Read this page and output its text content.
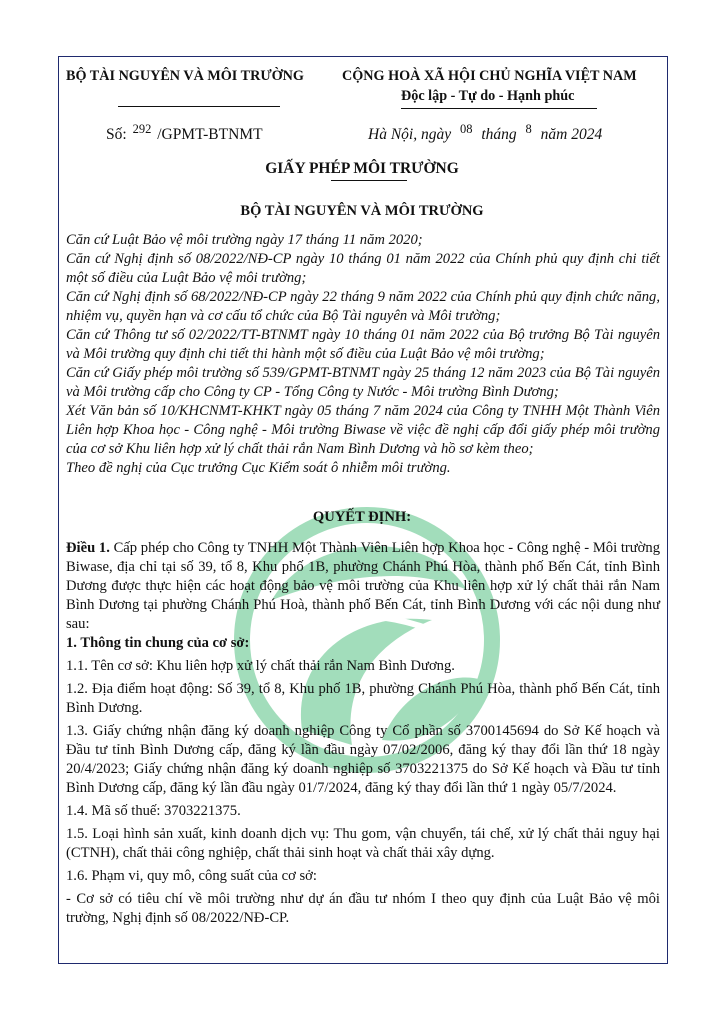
BỘ TÀI NGUYÊN VÀ MÔI TRƯỜNG	CỘNG HOÀ XÃ HỘI CHỦ NGHĨA VIỆT NAM
Độc lập - Tự do - Hạnh phúc
Số: $^{292}$ /GPMT-BTNMT	Hà Nội, ngày $^{08}$ tháng $^8$ năm 2024
GIẤY PHÉP MÔI TRƯỜNG
BỘ TÀI NGUYÊN VÀ MÔI TRƯỜNG

Căn cứ Luật Bảo vệ môi trường ngày 17 tháng 11 năm 2020;

Căn cứ Nghị định số 08/2022/NĐ-CP ngày 10 tháng 01 năm 2022 của Chính phủ quy định chi tiết một số điều của Luật Bảo vệ môi trường;

Căn cứ Nghị định số 68/2022/NĐ-CP ngày 22 tháng 9 năm 2022 của Chính phủ quy định chức năng, nhiệm vụ, quyền hạn và cơ cấu tổ chức của Bộ Tài nguyên và Môi trường;

Căn cứ Thông tư số 02/2022/TT-BTNMT ngày 10 tháng 01 năm 2022 của Bộ trưởng Bộ Tài nguyên và Môi trường quy định chi tiết thi hành một số điều của Luật Bảo vệ môi trường;

Căn cứ Giấy phép môi trường số 539/GPMT-BTNMT ngày 25 tháng 12 năm 2023 của Bộ Tài nguyên và Môi trường cấp cho Công ty CP - Tổng Công ty Nước - Môi trường Bình Dương;

Xét Văn bản số 10/KHCNMT-KHKT ngày 05 tháng 7 năm 2024 của Công ty TNHH Một Thành Viên Liên hợp Khoa học - Công nghệ - Môi trường Biwase về việc đề nghị cấp đổi giấy phép môi trường của cơ sở Khu liên hợp xử lý chất thải rắn Nam Bình Dương và hồ sơ kèm theo;

Theo đề nghị của Cục trưởng Cục Kiểm soát ô nhiễm môi trường.

QUYẾT ĐỊNH:

Điều 1. Cấp phép cho Công ty TNHH Một Thành Viên Liên hợp Khoa học - Công nghệ - Môi trường Biwase, địa chỉ tại số 39, tổ 8, Khu phố 1B, phường Chánh Phú Hòa, thành phố Bến Cát, tỉnh Bình Dương được thực hiện các hoạt động bảo vệ môi trường của Khu liên hợp xử lý chất thải rắn Nam Bình Dương tại phường Chánh Phú Hoà, thành phố Bến Cát, tỉnh Bình Dương với các nội dung như sau:

1. Thông tin chung của cơ sở:

1.1. Tên cơ sở: Khu liên hợp xử lý chất thải rắn Nam Bình Dương.

1.2. Địa điểm hoạt động: Số 39, tổ 8, Khu phố 1B, phường Chánh Phú Hòa, thành phố Bến Cát, tỉnh Bình Dương.

1.3. Giấy chứng nhận đăng ký doanh nghiệp Công ty Cổ phần số 3700145694 do Sở Kế hoạch và Đầu tư tỉnh Bình Dương cấp, đăng ký lần đầu ngày 07/02/2006, đăng ký thay đổi lần thứ 18 ngày 20/4/2023; Giấy chứng nhận đăng ký doanh nghiệp số 3703221375 do Sở Kế hoạch và Đầu tư tỉnh Bình Dương cấp, đăng ký lần đầu ngày 01/7/2024, đăng ký thay đổi lần thứ 1 ngày 05/7/2024.

1.4. Mã số thuế: 3703221375.

1.5. Loại hình sản xuất, kinh doanh dịch vụ: Thu gom, vận chuyển, tái chế, xử lý chất thải nguy hại (CTNH), chất thải công nghiệp, chất thải sinh hoạt và chất thải xây dựng.

1.6. Phạm vi, quy mô, công suất của cơ sở:

- Cơ sở có tiêu chí về môi trường như dự án đầu tư nhóm I theo quy định của Luật Bảo vệ môi trường, Nghị định số 08/2022/NĐ-CP.
